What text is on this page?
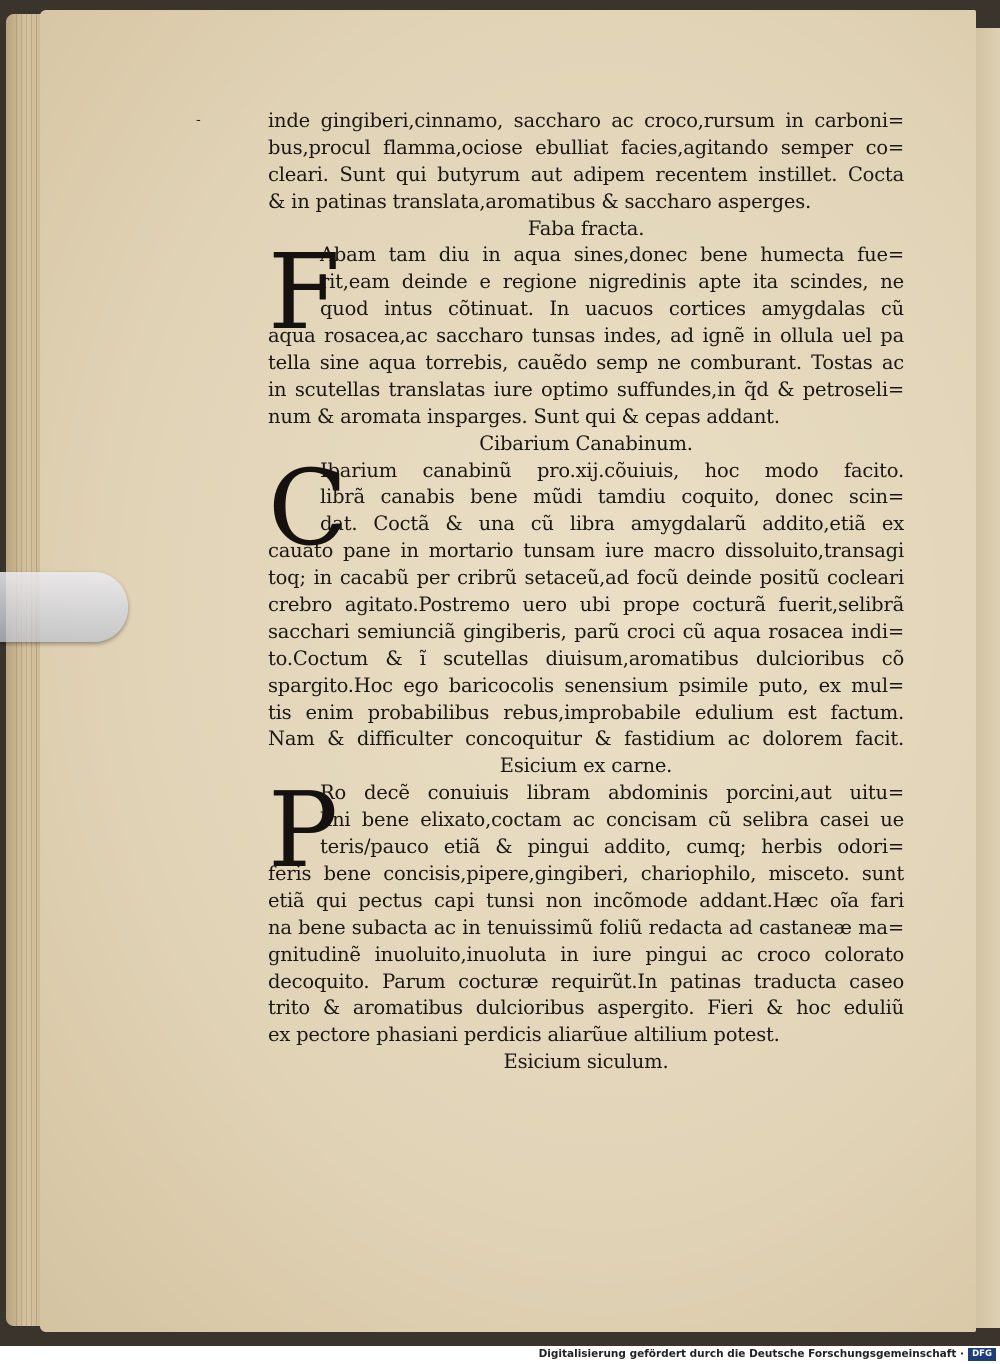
-	inde gingiberi,cinnamo, saccharo ac croco,rursum in carboni=
bus,procul flamma,ociose ebulliat facies,agitando semper co=
cleari. Sunt qui butyrum aut adipem recentem instillet. Cocta
& in patinas translata,aromatibus & saccharo asperges.
Faba fracta.
F
Abam tam diu in aqua sines,donec bene humecta fue=
rit,eam deinde e regione nigredinis apte ita scindes, ne
quod intus cõtinuat. In uacuos cortices amygdalas cũ
aqua rosacea,ac saccharo tunsas indes, ad ignẽ in ollula uel pa
tella sine aqua torrebis, cauẽdo semp ne comburant. Tostas ac
in scutellas translatas iure optimo suffundes,in q̃d & petroseli=
num & aromata insparges. Sunt qui & cepas addant.
Cibarium Canabinum.
C
Ibarium canabinũ pro.xij.cõuiuis, hoc modo facito.
librã canabis bene mũdi tamdiu coquito, donec scin=
dat. Coctã & una cũ libra amygdalarũ addito,etiã ex
cauato pane in mortario tunsam iure macro dissoluito,transagi
toq; in cacabũ per cribrũ setaceũ,ad focũ deinde positũ cocleari
crebro agitato.Postremo uero ubi prope cocturã fuerit,selibrã
sacchari semiunciã gingiberis, parũ croci cũ aqua rosacea indi=
to.Coctum & ĩ scutellas diuisum,aromatibus dulcioribus cõ
spargito.Hoc ego baricocolis senensium psimile puto, ex mul=
tis enim probabilibus rebus,improbabile edulium est factum.
Nam & difficulter concoquitur & fastidium ac dolorem facit.
Esicium ex carne.
P
Ro decẽ conuiuis libram abdominis porcini,aut uitu=
lini bene elixato,coctam ac concisam cũ selibra casei ue
teris/pauco etiã & pingui addito, cumq; herbis odori=
feris bene concisis,pipere,gingiberi, chariophilo, misceto. sunt
etiã qui pectus capi tunsi non incõmode addant.Hæc oĩa fari
na bene subacta ac in tenuissimũ foliũ redacta ad castaneæ ma=
gnitudinẽ inuoluito,inuoluta in iure pingui ac croco colorato
decoquito. Parum cocturæ requirũt.In patinas traducta caseo
trito & aromatibus dulcioribus aspergito. Fieri & hoc eduliũ
ex pectore phasiani perdicis aliarũue altilium potest.
Esicium siculum.
Digitalisierung gefördert durch die Deutsche Forschungsgemeinschaft · DFG
